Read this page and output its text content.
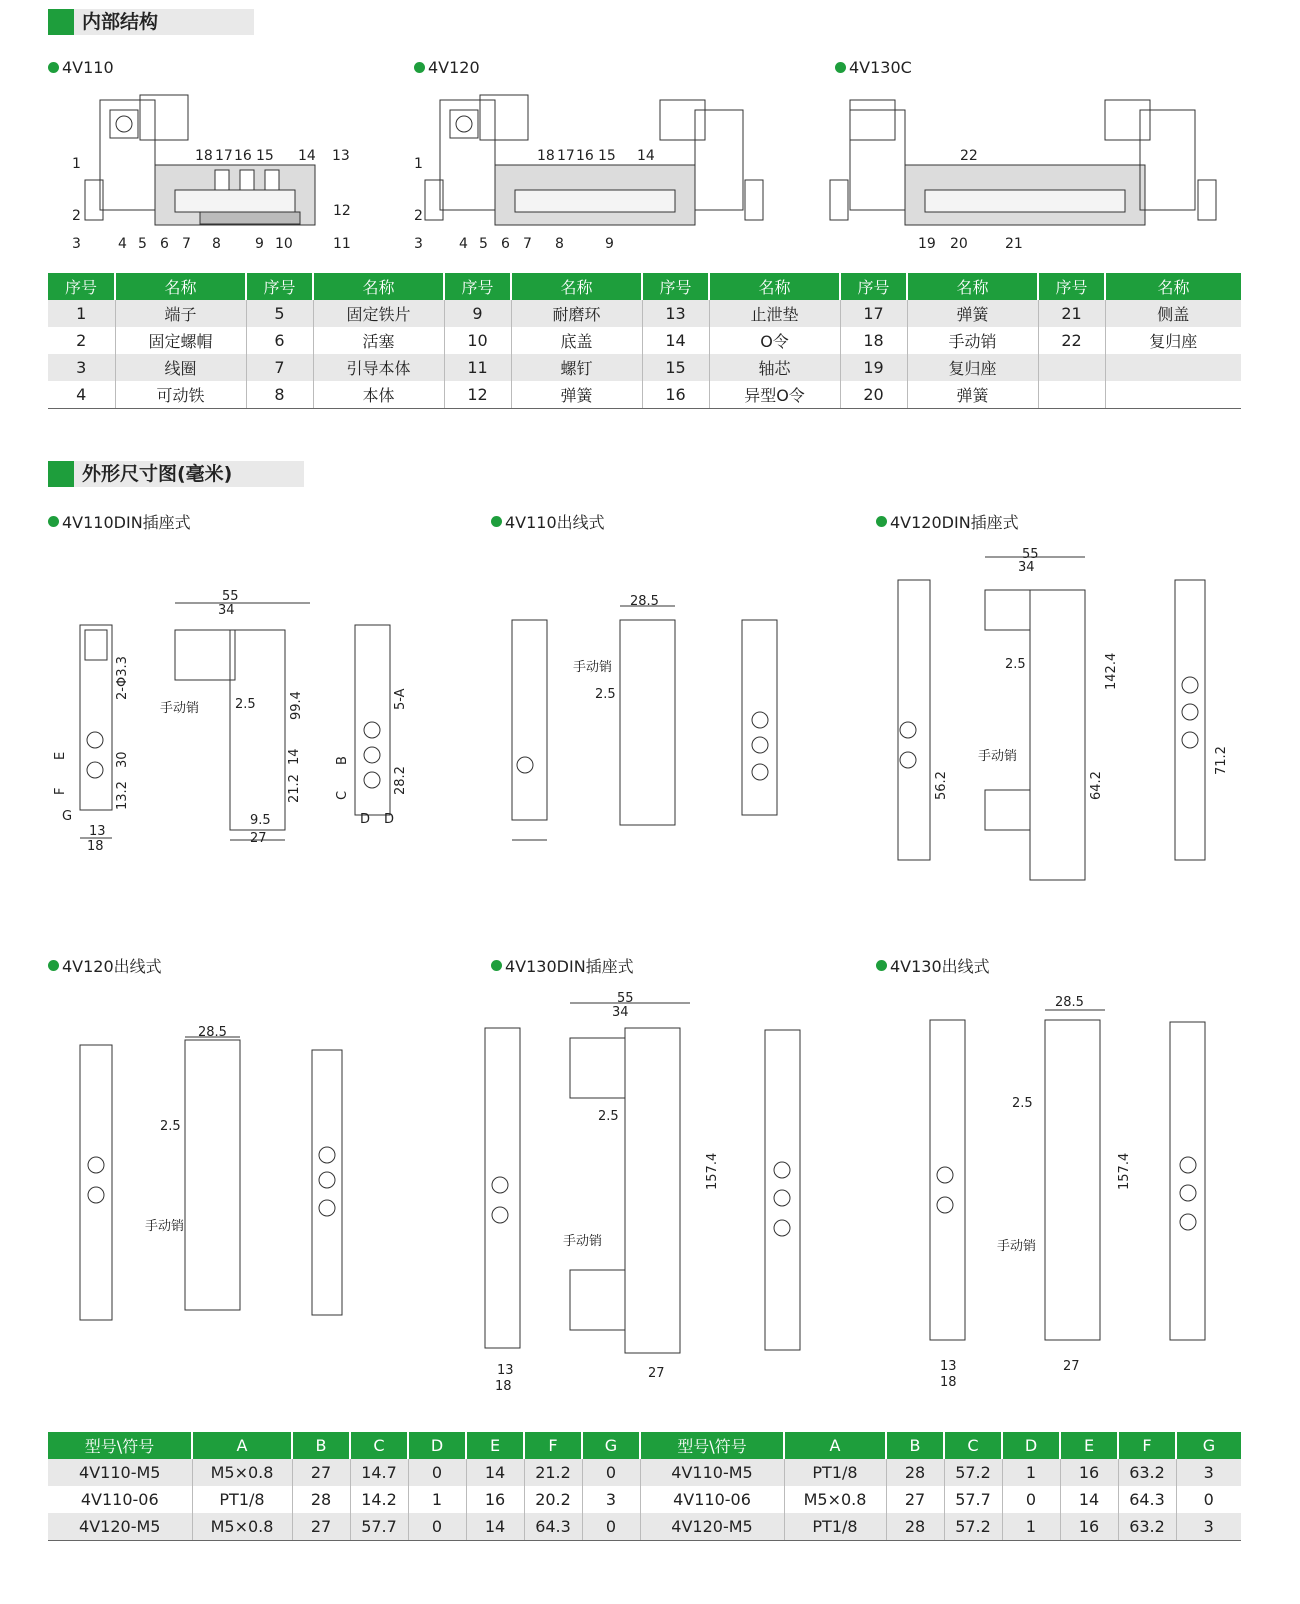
内部结构
外形尺寸图(毫米)
4V110	4V120	4V130C
4V110DIN插座式	4V110出线式	4V120DIN插座式
4V120出线式	4V130DIN插座式	4V130出线式
1
2
3	4 5 6 7 8 9 10	11
12
13
14
15
16
17
18	1
2
3	4 5 6 7 8	9
14
15
16
17
18
19 20	21
22
55
34
手动销	2.5
13
18
9.5
27
G	D D
28.5
手动销
2.5
55
34
手动销
2.5
28.5
手动销
2.5
55
34
手动销
2.5
28.5
手动销
2.5
13
18
27	13
18
27
2-Φ3.3
30
13.2
99.4
14
21.2
5-A
28.2
142.4
64.2
71.2
56.2
157.4	157.4
E
F
B
C
序号	名称	序号	名称	序号	名称	序号	名称	序号	名称	序号	名称
1	端子	5	固定铁片	9	耐磨环	13	止泄垫	17	弹簧	21	侧盖
2	固定螺帽	6	活塞	10	底盖	14	O令	18	手动销	22	复归座
3	线圈	7	引导本体	11	螺钉	15	轴芯	19	复归座		
4	可动铁	8	本体	12	弹簧	16	异型O令	20	弹簧		
型号\符号	A	B	C	D	E	F	G	型号\符号	A	B	C	D	E	F	G
4V110-M5	M5×0.8	27	14.7	0	14	21.2	0	4V110-M5	PT1/8	28	57.2	1	16	63.2	3
4V110-06	PT1/8	28	14.2	1	16	20.2	3	4V110-06	M5×0.8	27	57.7	0	14	64.3	0
4V120-M5	M5×0.8	27	57.7	0	14	64.3	0	4V120-M5	PT1/8	28	57.2	1	16	63.2	3
